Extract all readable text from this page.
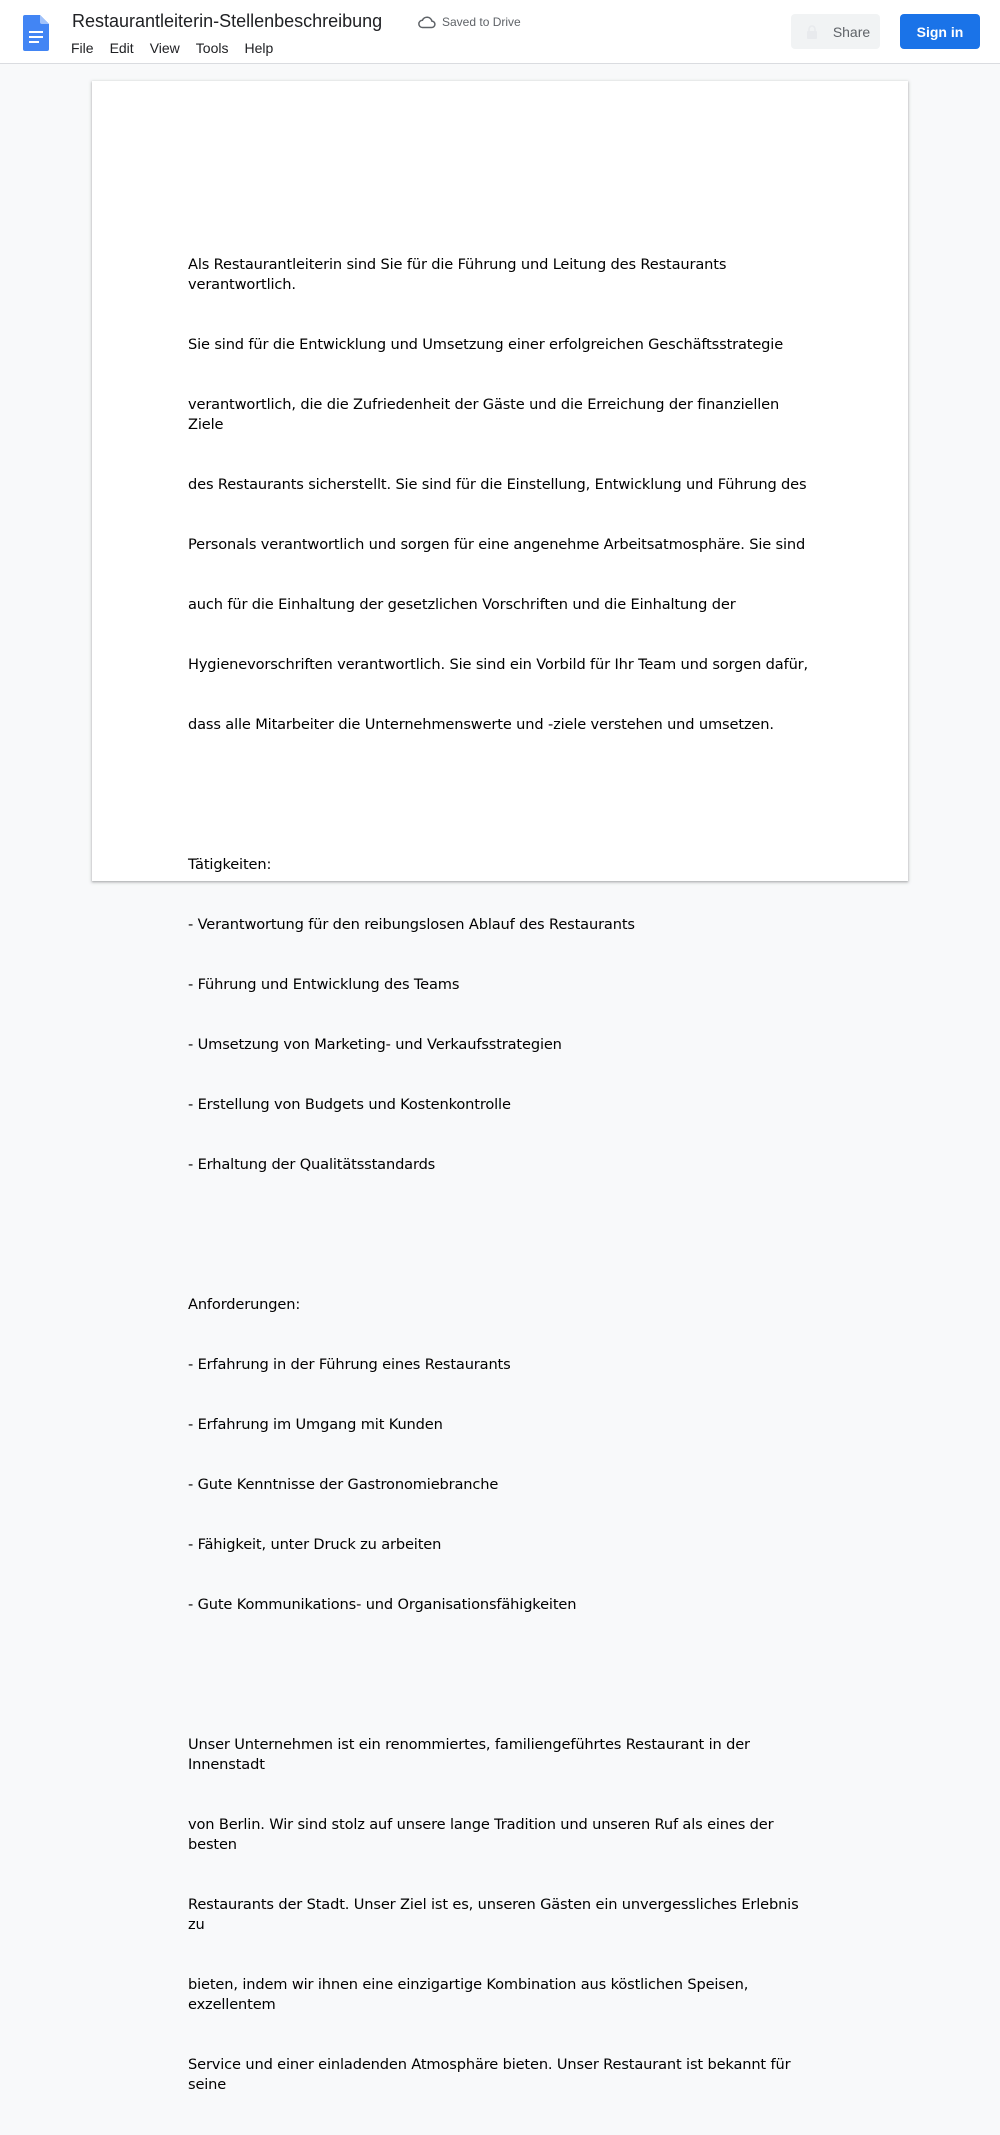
Restaurantleiterin-Stellenbeschreibung	Saved to Drive
File	Edit	View	Tools	Help
Share	Sign in

Als Restaurantleiterin sind Sie für die Führung und Leitung des Restaurants verantwortlich.

Sie sind für die Entwicklung und Umsetzung einer erfolgreichen Geschäftsstrategie

verantwortlich, die die Zufriedenheit der Gäste und die Erreichung der finanziellen Ziele

des Restaurants sicherstellt. Sie sind für die Einstellung, Entwicklung und Führung des

Personals verantwortlich und sorgen für eine angenehme Arbeitsatmosphäre. Sie sind

auch für die Einhaltung der gesetzlichen Vorschriften und die Einhaltung der

Hygienevorschriften verantwortlich. Sie sind ein Vorbild für Ihr Team und sorgen dafür,

dass alle Mitarbeiter die Unternehmenswerte und -ziele verstehen und umsetzen.

Tätigkeiten:

- Verantwortung für den reibungslosen Ablauf des Restaurants

- Führung und Entwicklung des Teams

- Umsetzung von Marketing- und Verkaufsstrategien

- Erstellung von Budgets und Kostenkontrolle

- Erhaltung der Qualitätsstandards

Anforderungen:

- Erfahrung in der Führung eines Restaurants

- Erfahrung im Umgang mit Kunden

- Gute Kenntnisse der Gastronomiebranche

- Fähigkeit, unter Druck zu arbeiten

- Gute Kommunikations- und Organisationsfähigkeiten

Unser Unternehmen ist ein renommiertes, familiengeführtes Restaurant in der Innenstadt

von Berlin. Wir sind stolz auf unsere lange Tradition und unseren Ruf als eines der besten

Restaurants der Stadt. Unser Ziel ist es, unseren Gästen ein unvergessliches Erlebnis zu

bieten, indem wir ihnen eine einzigartige Kombination aus köstlichen Speisen, exzellentem

Service und einer einladenden Atmosphäre bieten. Unser Restaurant ist bekannt für seine
